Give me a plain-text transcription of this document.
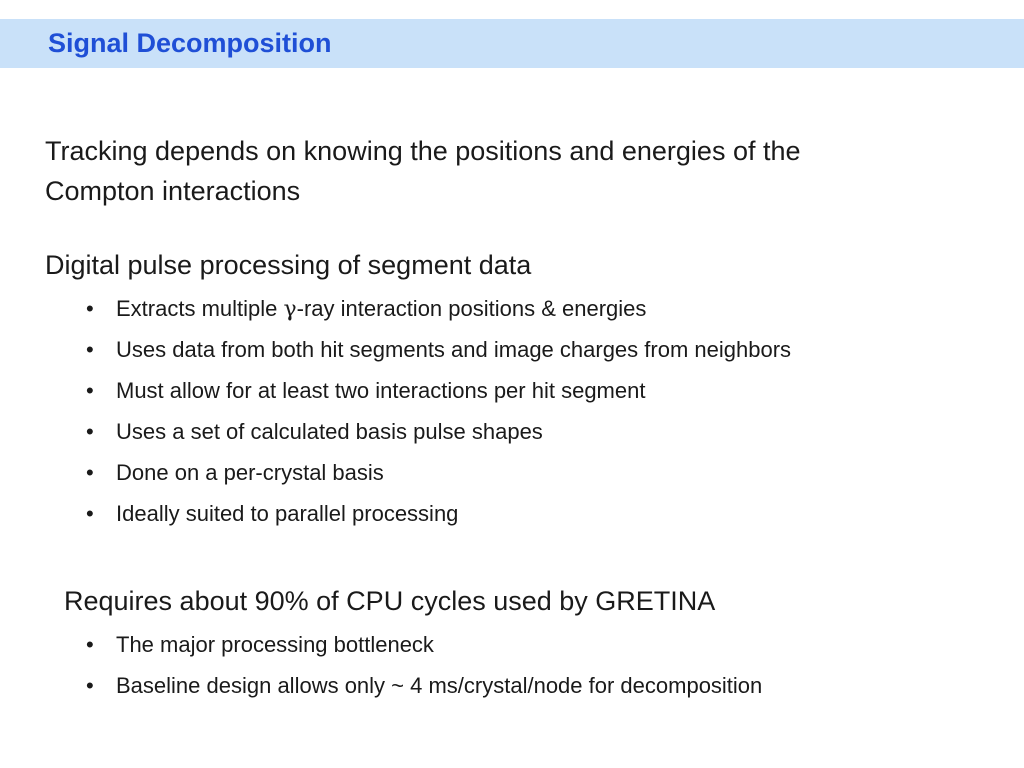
Signal Decomposition

Tracking depends on knowing the positions and energies of the
Compton interactions

Digital pulse processing of segment data
• Extracts multiple γ-ray interaction positions & energies
• Uses data from both hit segments and image charges from neighbors
• Must allow for at least two interactions per hit segment
• Uses a set of calculated basis pulse shapes
• Done on a per-crystal basis
• Ideally suited to parallel processing
Requires about 90% of CPU cycles used by GRETINA
• The major processing bottleneck
• Baseline design allows only ~ 4 ms/crystal/node for decomposition
